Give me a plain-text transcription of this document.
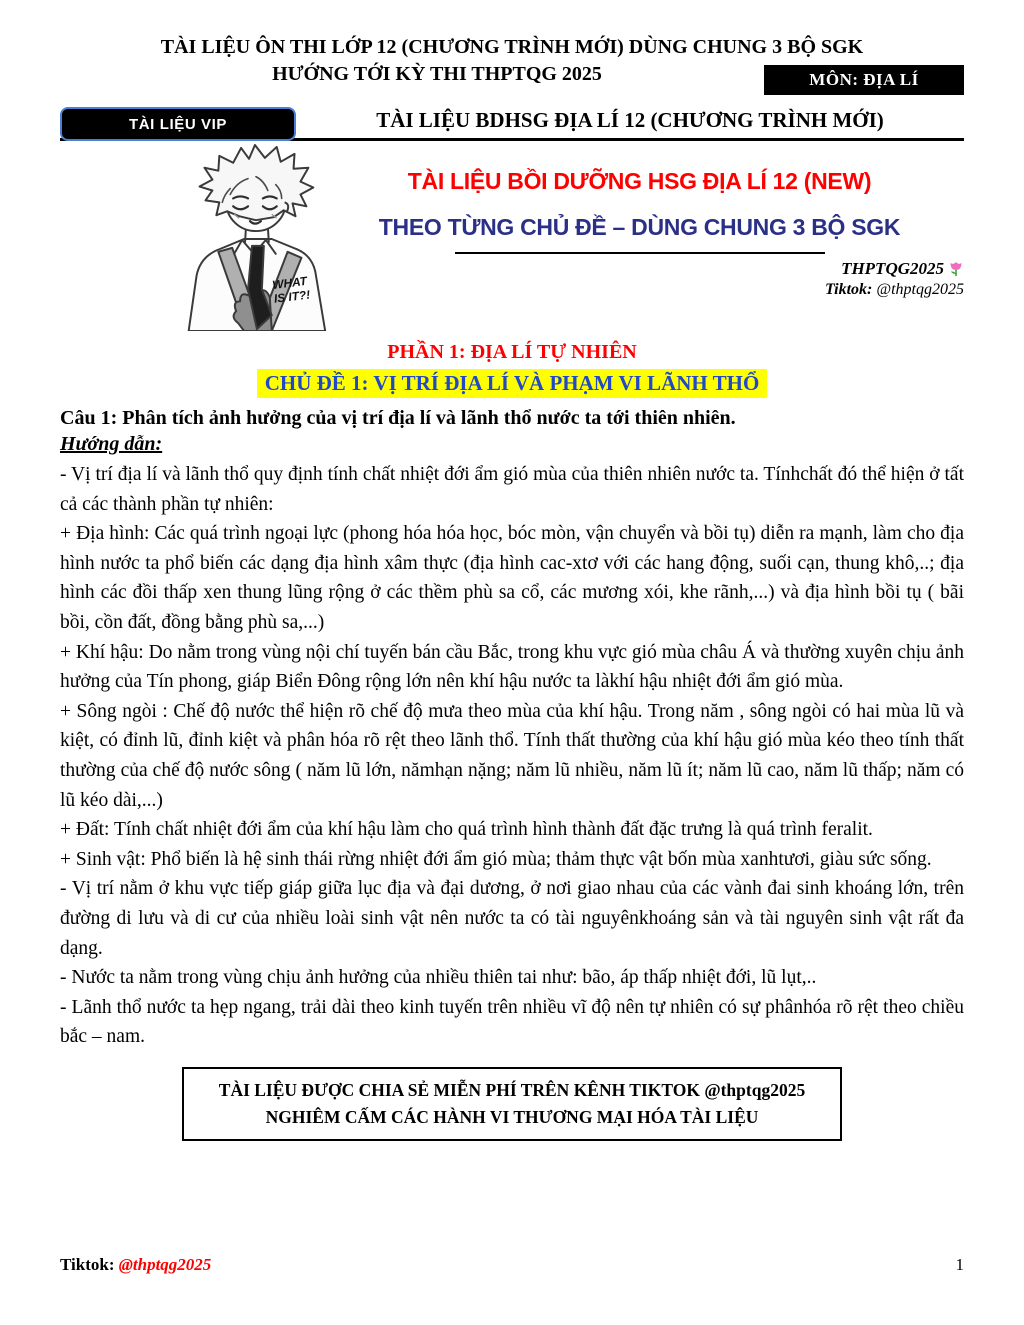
TÀI LIỆU ÔN THI LỚP 12 (CHƯƠNG TRÌNH MỚI) DÙNG CHUNG 3 BỘ SGK
HƯỚNG TỚI KỲ THI THPTQG 2025	MÔN: ĐỊA LÍ
TÀI LIỆU VIP	TÀI LIỆU BDHSG ĐỊA LÍ 12 (CHƯƠNG TRÌNH MỚI)
WHAT
IS IT?!
TÀI LIỆU BỒI DƯỠNG HSG ĐỊA LÍ 12 (NEW)
THEO TỪNG CHỦ ĐỀ – DÙNG CHUNG 3 BỘ SGK
THPTQG2025
Tiktok: @thptqg2025
PHẦN 1: ĐỊA LÍ TỰ NHIÊN
CHỦ ĐỀ 1: VỊ TRÍ ĐỊA LÍ VÀ PHẠM VI LÃNH THỔ
Câu 1: Phân tích ảnh hưởng của vị trí địa lí và lãnh thổ nước ta tới thiên nhiên.
Hướng dẫn:

- Vị trí địa lí và lãnh thổ quy định tính chất nhiệt đới ẩm gió mùa của thiên nhiên nước ta. Tínhchất đó thể hiện ở tất cả các thành phần tự nhiên:

+ Địa hình: Các quá trình ngoại lực (phong hóa hóa học, bóc mòn, vận chuyển và bồi tụ) diễn ra mạnh, làm cho địa hình nước ta phổ biến các dạng địa hình xâm thực (địa hình cac-xtơ với các hang động, suối cạn, thung khô,..; địa hình các đồi thấp xen thung lũng rộng ở các thềm phù sa cổ, các mương xói, khe rãnh,...) và địa hình bồi tụ ( bãi bồi, cồn đất, đồng bằng phù sa,...)

+ Khí hậu: Do nằm trong vùng nội chí tuyến bán cầu Bắc, trong khu vực gió mùa châu Á và thường xuyên chịu ảnh hưởng của Tín phong, giáp Biển Đông rộng lớn nên khí hậu nước ta làkhí hậu nhiệt đới ẩm gió mùa.

+ Sông ngòi : Chế độ nước thể hiện rõ chế độ mưa theo mùa của khí hậu. Trong năm , sông ngòi có hai mùa lũ và kiệt, có đỉnh lũ, đỉnh kiệt và phân hóa rõ rệt theo lãnh thổ. Tính thất thường của khí hậu gió mùa kéo theo tính thất thường của chế độ nước sông ( năm lũ lớn, nămhạn nặng; năm lũ nhiều, năm lũ ít; năm lũ cao, năm lũ thấp; năm có lũ kéo dài,...)

+ Đất: Tính chất nhiệt đới ẩm của khí hậu làm cho quá trình hình thành đất đặc trưng là quá trình feralit.

+ Sinh vật: Phổ biến là hệ sinh thái rừng nhiệt đới ẩm gió mùa; thảm thực vật bốn mùa xanhtươi, giàu sức sống.

- Vị trí nằm ở khu vực tiếp giáp giữa lục địa và đại dương, ở nơi giao nhau của các vành đai sinh khoáng lớn, trên đường di lưu và di cư của nhiều loài sinh vật nên nước ta có tài nguyênkhoáng sản và tài nguyên sinh vật rất đa dạng.

- Nước ta nằm trong vùng chịu ảnh hưởng của nhiều thiên tai như: bão, áp thấp nhiệt đới, lũ lụt,..

- Lãnh thổ nước ta hẹp ngang, trải dài theo kinh tuyến trên nhiều vĩ độ nên tự nhiên có sự phânhóa rõ rệt theo chiều bắc – nam.

TÀI LIỆU ĐƯỢC CHIA SẺ MIỄN PHÍ TRÊN KÊNH TIKTOK @thptqg2025
NGHIÊM CẤM CÁC HÀNH VI THƯƠNG MẠI HÓA TÀI LIỆU
Tiktok: @thptqg2025	1
